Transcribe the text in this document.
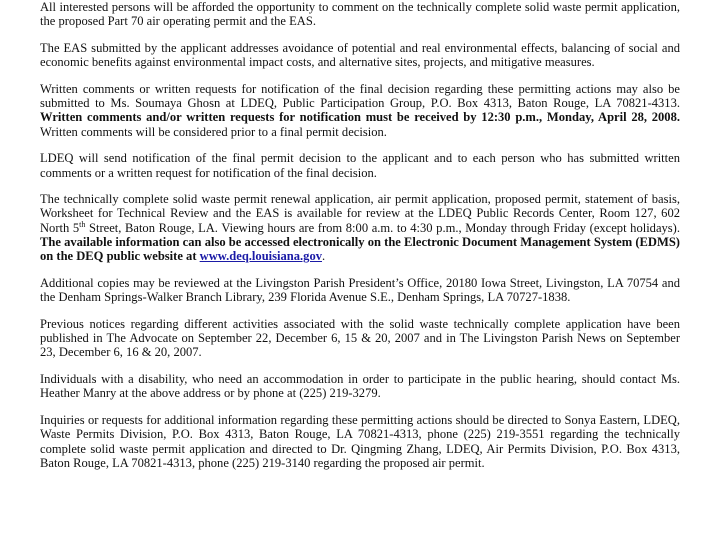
All interested persons will be afforded the opportunity to comment on the technically complete solid waste permit application, the proposed Part 70 air operating permit and the EAS.

The EAS submitted by the applicant addresses avoidance of potential and real environmental effects, balancing of social and economic benefits against environmental impact costs, and alternative sites, projects, and mitigative measures.

Written comments or written requests for notification of the final decision regarding these permitting actions may also be submitted to Ms. Soumaya Ghosn at LDEQ, Public Participation Group, P.O. Box 4313, Baton Rouge, LA 70821-4313. Written comments and/or written requests for notification must be received by 12:30 p.m., Monday, April 28, 2008. Written comments will be considered prior to a final permit decision.

LDEQ will send notification of the final permit decision to the applicant and to each person who has submitted written comments or a written request for notification of the final decision.

The technically complete solid waste permit renewal application, air permit application, proposed permit, statement of basis, Worksheet for Technical Review and the EAS is available for review at the LDEQ Public Records Center, Room 127, 602 North 5th Street, Baton Rouge, LA. Viewing hours are from 8:00 a.m. to 4:30 p.m., Monday through Friday (except holidays). The available information can also be accessed electronically on the Electronic Document Management System (EDMS) on the DEQ public website at www.deq.louisiana.gov.

Additional copies may be reviewed at the Livingston Parish President’s Office, 20180 Iowa Street, Livingston, LA 70754 and the Denham Springs-Walker Branch Library, 239 Florida Avenue S.E., Denham Springs, LA 70727-1838.

Previous notices regarding different activities associated with the solid waste technically complete application have been published in The Advocate on September 22, December 6, 15 & 20, 2007 and in The Livingston Parish News on September 23, December 6, 16 & 20, 2007.

Individuals with a disability, who need an accommodation in order to participate in the public hearing, should contact Ms. Heather Manry at the above address or by phone at (225) 219-3279.

Inquiries or requests for additional information regarding these permitting actions should be directed to Sonya Eastern, LDEQ, Waste Permits Division, P.O. Box 4313, Baton Rouge, LA 70821-4313, phone (225) 219-3551 regarding the technically complete solid waste permit application and directed to Dr. Qingming Zhang, LDEQ, Air Permits Division, P.O. Box 4313, Baton Rouge, LA 70821-4313, phone (225) 219-3140 regarding the proposed air permit.
